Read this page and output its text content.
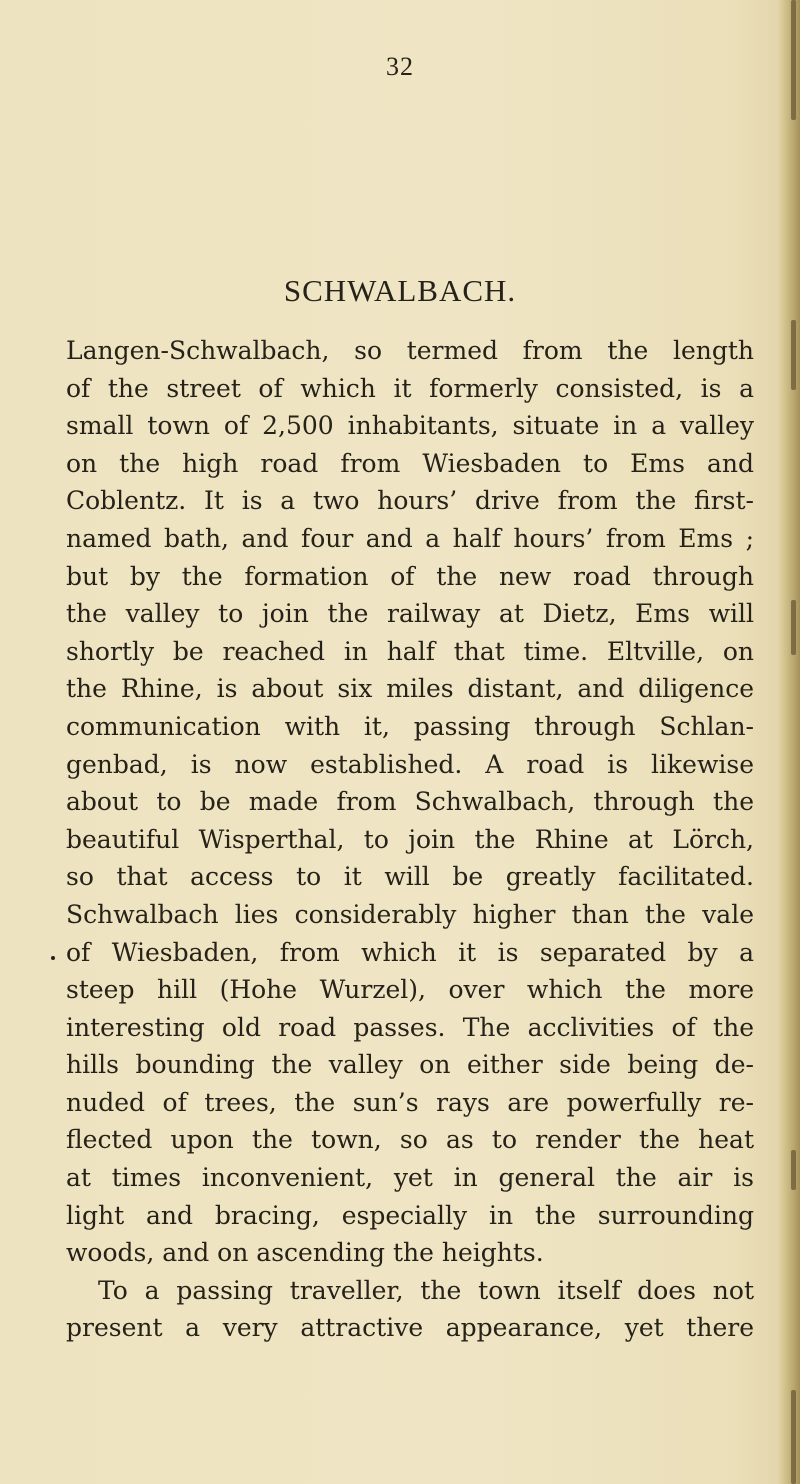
32
SCHWALBACH.
Langen-Schwalbach, so termed from the length
of the street of which it formerly consisted, is a
small town of 2,500 inhabitants, situate in a valley
on the high road from Wiesbaden to Ems and
Coblentz. It is a two hours’ drive from the first-
named bath, and four and a half hours’ from Ems ;
but by the formation of the new road through
the valley to join the railway at Dietz, Ems will
shortly be reached in half that time. Eltville, on
the Rhine, is about six miles distant, and diligence
communication with it, passing through Schlan-
genbad, is now established. A road is likewise
about to be made from Schwalbach, through the
beautiful Wisperthal, to join the Rhine at Lörch,
so that access to it will be greatly facilitated.
Schwalbach lies considerably higher than the vale
of Wiesbaden, from which it is separated by a
steep hill (Hohe Wurzel), over which the more
interesting old road passes. The acclivities of the
hills bounding the valley on either side being de-
nuded of trees, the sun’s rays are powerfully re-
flected upon the town, so as to render the heat
at times inconvenient, yet in general the air is
light and bracing, especially in the surrounding
woods, and on ascending the heights.
To a passing traveller, the town itself does not
present a very attractive appearance, yet there
